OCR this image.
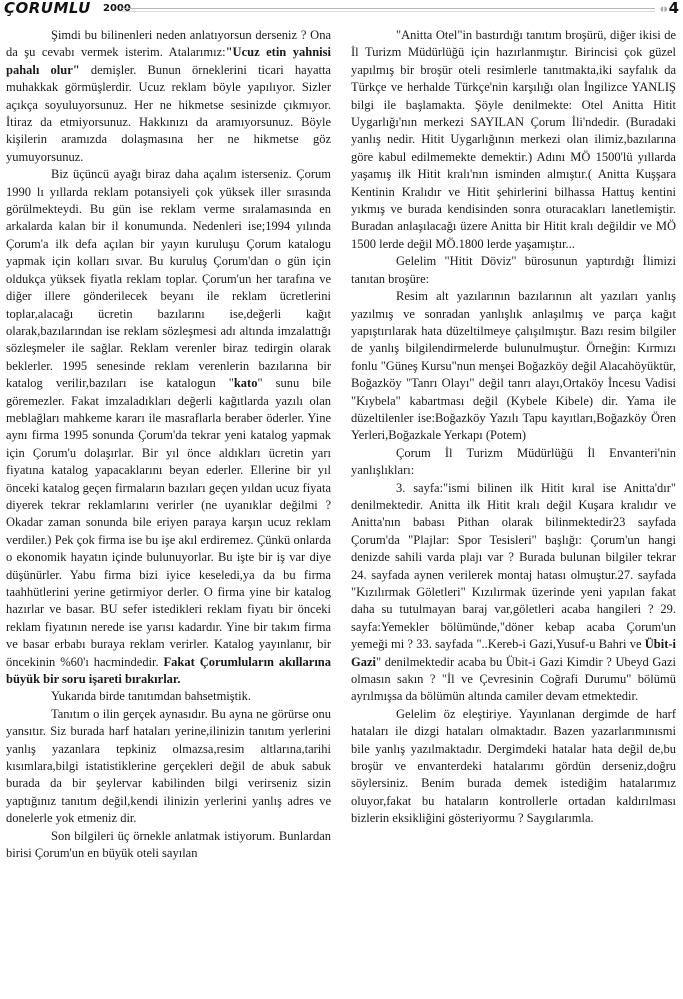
ÇORUMLU 2000	◖◗4

Şimdi bu bilinenleri neden anlatıyorsun derseniz ? Ona da şu cevabı vermek isterim. Atalarımız:"Ucuz etin yahnisi pahalı olur" demişler. Bunun örneklerini ticari hayatta muhakkak görmüşlerdir. Ucuz reklam böyle yapılıyor. Sizler açıkça soyuluyorsunuz. Her ne hikmetse sesinizde çıkmıyor. İtiraz da etmiyorsunuz. Hakkınızı da aramıyorsunuz. Böyle kişilerin aramızda dolaşmasına her ne hikmetse göz yumuyorsunuz.

Biz üçüncü ayağı biraz daha açalım isterseniz. Çorum 1990 lı yıllarda reklam potansiyeli çok yüksek iller sırasında görülmekteydi. Bu gün ise reklam verme sıralamasında en arkalarda kalan bir il konumunda. Nedenleri ise;1994 yılında Çorum'a ilk defa açılan bir yayın kuruluşu Çorum katalogu yapmak için kolları sıvar. Bu kuruluş Çorum'dan o gün için oldukça yüksek fiyatla reklam toplar. Çorum'un her tarafına ve diğer illere gönderilecek beyanı ile reklam ücretlerini toplar,alacağı ücretin bazılarını ise,değerli kağıt olarak,bazılarından ise reklam sözleşmesi adı altında imzalattığı sözleşmeler ile sağlar. Reklam verenler biraz tedirgin olarak beklerler. 1995 senesinde reklam verenlerin bazılarına bir katalog verilir,bazıları ise katalogun "kato" sunu bile göremezler. Fakat imzaladıkları değerli kağıtlarda yazılı olan meblağları mahkeme kararı ile masraflarla beraber öderler. Yine aynı firma 1995 sonunda Çorum'da tekrar yeni katalog yapmak için Çorum'u dolaşırlar. Bir yıl önce aldıkları ücretin yarı fiyatına katalog yapacaklarını beyan ederler. Ellerine bir yıl önceki katalog geçen firmaların bazıları geçen yıldan ucuz fiyata diyerek tekrar reklamlarını verirler (ne uyanıklar değilmi ? Okadar zaman sonunda bile eriyen paraya karşın ucuz reklam verdiler.) Pek çok firma ise bu işe akıl erdiremez. Çünkü onlarda o ekonomik hayatın içinde bulunuyorlar. Bu işte bir iş var diye düşünürler. Yabu firma bizi iyice keseledi,ya da bu firma taahhütlerini yerine getirmiyor derler. O firma yine bir katalog hazırlar ve basar. BU sefer istedikleri reklam fiyatı bir önceki reklam fiyatının nerede ise yarısı kadardır. Yine bir takım firma ve basar erbabı buraya reklam verirler. Katalog yayınlanır, bir öncekinin %60'ı hacmindedir. Fakat Çorumluların akıllarına büyük bir soru işareti bırakırlar.

Yukarıda birde tanıtımdan bahsetmiştik.

Tanıtım o ilin gerçek aynasıdır. Bu ayna ne görürse onu yansıtır. Siz burada harf hataları yerine,ilinizin tanıtım yerlerini yanlış yazanlara tepkiniz olmazsa,resim altlarına,tarihi kısımlara,bilgi istatistiklerine gerçekleri değil de abuk sabuk burada da bir şeylervar kabilinden bilgi verirseniz sizin yaptığınız tanıtım değil,kendi ilinizin yerlerini yanlış adres ve donelerle yok etmeniz dir.

Son bilgileri üç örnekle anlatmak istiyorum. Bunlardan birisi Çorum'un en büyük oteli sayılan

"Anitta Otel"in bastırdığı tanıtım broşürü, diğer ikisi de İl Turizm Müdürlüğü için hazırlanmıştır. Birincisi çok güzel yapılmış bir broşür oteli resimlerle tanıtmakta,iki sayfalık da Türkçe ve herhalde Türkçe'nin karşılığı olan İngilizce YANLIŞ bilgi ile başlamakta. Şöyle denilmekte: Otel Anitta Hitit Uygarlığı'nın merkezi SAYILAN Çorum İli'ndedir. (Buradaki yanlış nedir. Hitit Uygarlığının merkezi olan ilimiz,bazılarına göre kabul edilmemekte demektir.) Adını MÖ 1500'lü yıllarda yaşamış ilk Hitit kralı'nın isminden almıştır.( Anitta Kuşşara Kentinin Kralıdır ve Hitit şehirlerini bilhassa Hattuş kentini yıkmış ve burada kendisinden sonra oturacakları lanetlemiştir. Buradan anlaşılacağı üzere Anitta bir Hitit kralı değildir ve MÖ 1500 lerde değil MÖ.1800 lerde yaşamıştır...

Gelelim "Hitit Döviz" bürosunun yaptırdığı İlimizi tanıtan broşüre:

Resim alt yazılarının bazılarının alt yazıları yanlış yazılmış ve sonradan yanlışlık anlaşılmış ve parça kağıt yapıştırılarak hata düzeltilmeye çalışılmıştır. Bazı resim bilgiler de yanlış bilgilendirmelerde bulunulmuştur. Örneğin: Kırmızı fonlu "Güneş Kursu"nun menşei Boğazköy değil Alacahöyüktür, Boğazköy "Tanrı Olayı" değil tanrı alayı,Ortaköy İncesu Vadisi "Kıybela" kabartması değil (Kybele Kibele) dir. Yama ile düzeltilenler ise:Boğazköy Yazılı Tapu kayıtları,Boğazköy Ören Yerleri,Boğazkale Yerkapı (Potem)

Çorum İl Turizm Müdürlüğü İl Envanteri'nin yanlışlıkları:

3. sayfa:"ismi bilinen ilk Hitit kıral ise Anitta'dır" denilmektedir. Anitta ilk Hitit kralı değil Kuşara kralıdır ve Anitta'nın babası Pithan olarak bilinmektedir23 sayfada Çorum'da "Plajlar: Spor Tesisleri" başlığı: Çorum'un hangi denizde sahili varda plajı var ? Burada bulunan bilgiler tekrar 24. sayfada aynen verilerek montaj hatası olmuştur.27. sayfada "Kızılırmak Göletleri" Kızılırmak üzerinde yeni yapılan fakat daha su tutulmayan baraj var,göletleri acaba hangileri ? 29. sayfa:Yemekler bölümünde,"döner kebap acaba Çorum'un yemeği mi ? 33. sayfada "..Kereb-i Gazi,Yusuf-u Bahri ve Übit-i Gazi" denilmektedir acaba bu Übit-i Gazi Kimdir ? Ubeyd Gazi olmasın sakın ? "İl ve Çevresinin Coğrafi Durumu" bölümü ayrılmışsa da bölümün altında camiler devam etmektedir.

Gelelim öz eleştiriye. Yayınlanan dergimde de harf hataları ile dizgi hataları olmaktadır. Bazen yazarlarımınısmi bile yanlış yazılmaktadır. Dergimdeki hatalar hata değil de,bu broşür ve envanterdeki hatalarımı gördün derseniz,doğru söylersiniz. Benim burada demek istediğim hatalarımız oluyor,fakat bu hataların kontrollerle ortadan kaldırılması bizlerin eksikliğini gösteriyormu ? Saygılarımla.
